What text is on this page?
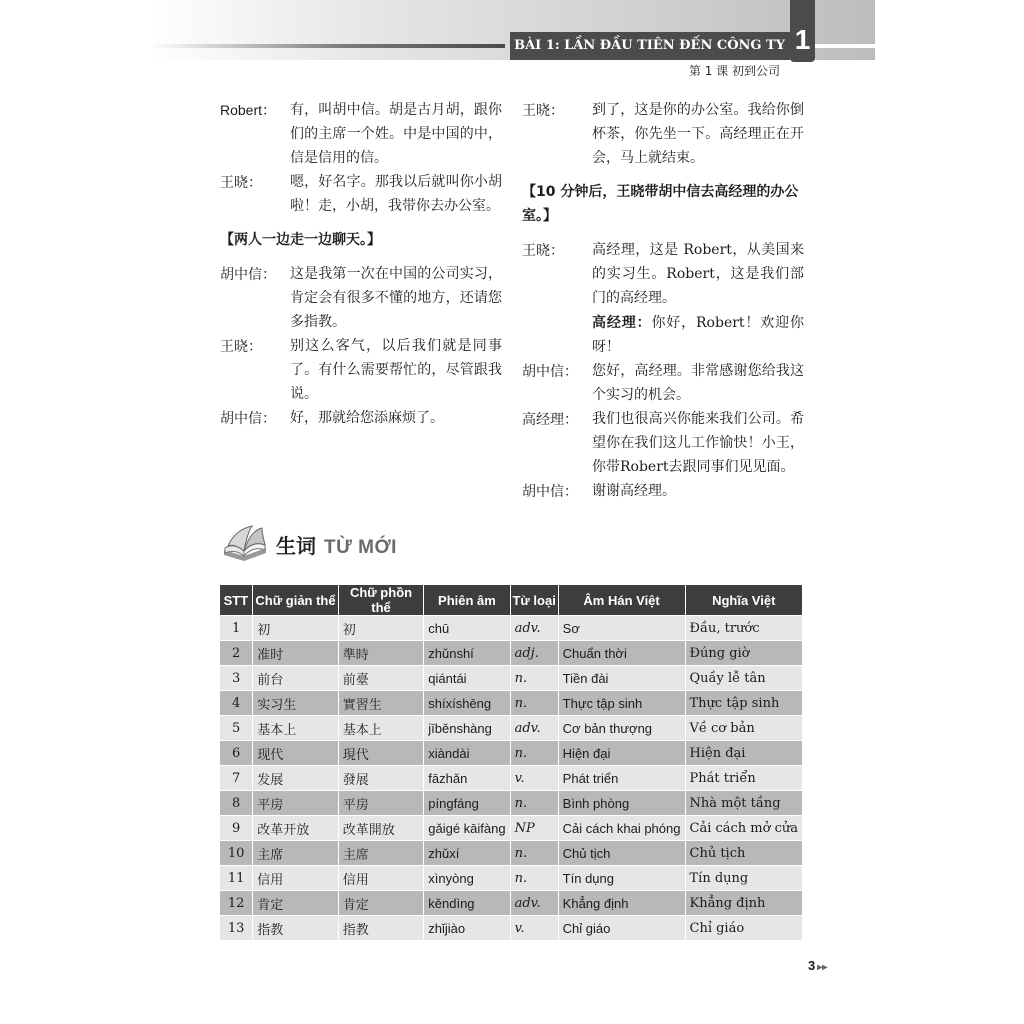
BÀI 1: LẦN ĐẦU TIÊN ĐẾN CÔNG TY 1
第 1 课 初到公司
Robert： 有，叫胡中信。胡是古月胡，跟你们的主席一个姓。中是中国的中，信是信用的信。
王晓：	嗯，好名字。那我以后就叫你小胡啦！走，小胡，我带你去办公室。
【两人一边走一边聊天。】
胡中信：	这是我第一次在中国的公司实习，肯定会有很多不懂的地方，还请您多指教。
王晓：	别这么客气，以后我们就是同事了。有什么需要帮忙的，尽管跟我说。
胡中信：	好，那就给您添麻烦了。
王晓：	到了，这是你的办公室。我给你倒杯茶，你先坐一下。高经理正在开会，马上就结束。
【10 分钟后，王晓带胡中信去高经理的办公室。】
王晓：	高经理，这是 Robert，从美国来的实习生。Robert，这是我们部门的高经理。
高经理：你好，Robert！欢迎你呀！
胡中信：	您好，高经理。非常感谢您给我这个实习的机会。
高经理：	我们也很高兴你能来我们公司。希望你在我们这儿工作愉快！小王，你带Robert去跟同事们见见面。
胡中信：	谢谢高经理。
生词 TỪ MỚI
STT	Chữ giản thể	Chữ phồn thể	Phiên âm	Từ loại	Âm Hán Việt	Nghĩa Việt
1	初	初	chū	adv.	Sơ	Đầu, trước
2	准时	準時	zhǔnshí	adj.	Chuẩn thời	Đúng giờ
3	前台	前臺	qiántái	n.	Tiền đài	Quầy lễ tân
4	实习生	實習生	shíxíshēng	n.	Thực tập sinh	Thực tập sinh
5	基本上	基本上	jīběnshàng	adv.	Cơ bản thượng	Về cơ bản
6	现代	現代	xiàndài	n.	Hiện đại	Hiện đại
7	发展	發展	fāzhǎn	v.	Phát triển	Phát triển
8	平房	平房	píngfáng	n.	Bình phòng	Nhà một tầng
9	改革开放	改革開放	gǎigé kāifàng	NP	Cải cách khai phóng	Cải cách mở cửa
10	主席	主席	zhǔxí	n.	Chủ tịch	Chủ tịch
11	信用	信用	xìnyòng	n.	Tín dụng	Tín dụng
12	肯定	肯定	kěndìng	adv.	Khẳng định	Khẳng định
13	指教	指教	zhǐjiào	v.	Chỉ giáo	Chỉ giáo
3 ▸▸
